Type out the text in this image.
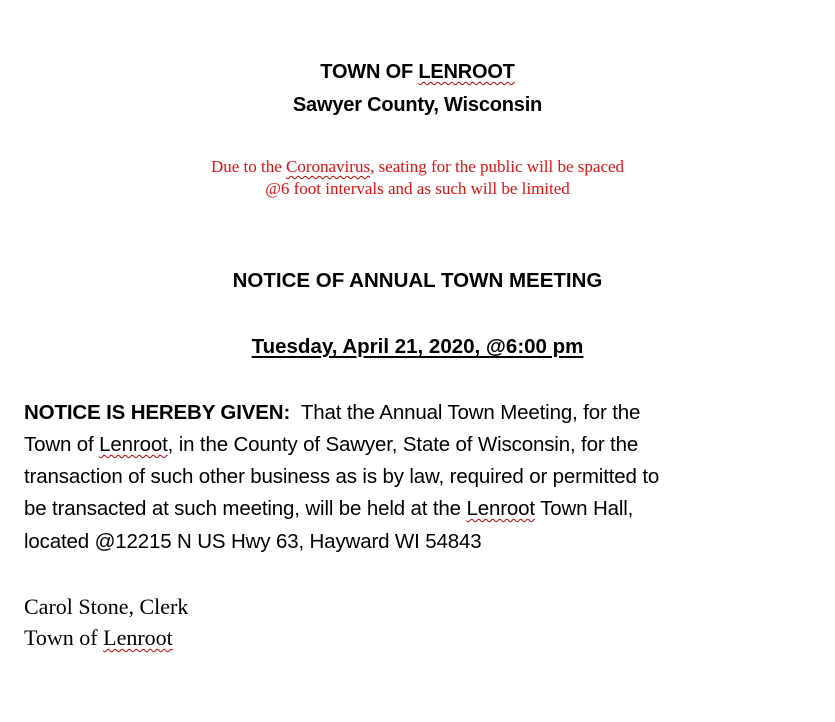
TOWN OF LENROOT
Sawyer County, Wisconsin
Due to the Coronavirus, seating for the public will be spaced
@6 foot intervals and as such will be limited
NOTICE OF ANNUAL TOWN MEETING
Tuesday, April 21, 2020, @6:00 pm
NOTICE IS HEREBY GIVEN:  That the Annual Town Meeting, for the
Town of Lenroot, in the County of Sawyer, State of Wisconsin, for the
transaction of such other business as is by law, required or permitted to
be transacted at such meeting, will be held at the Lenroot Town Hall,
located @12215 N US Hwy 63, Hayward WI 54843
Carol Stone, Clerk
Town of Lenroot
